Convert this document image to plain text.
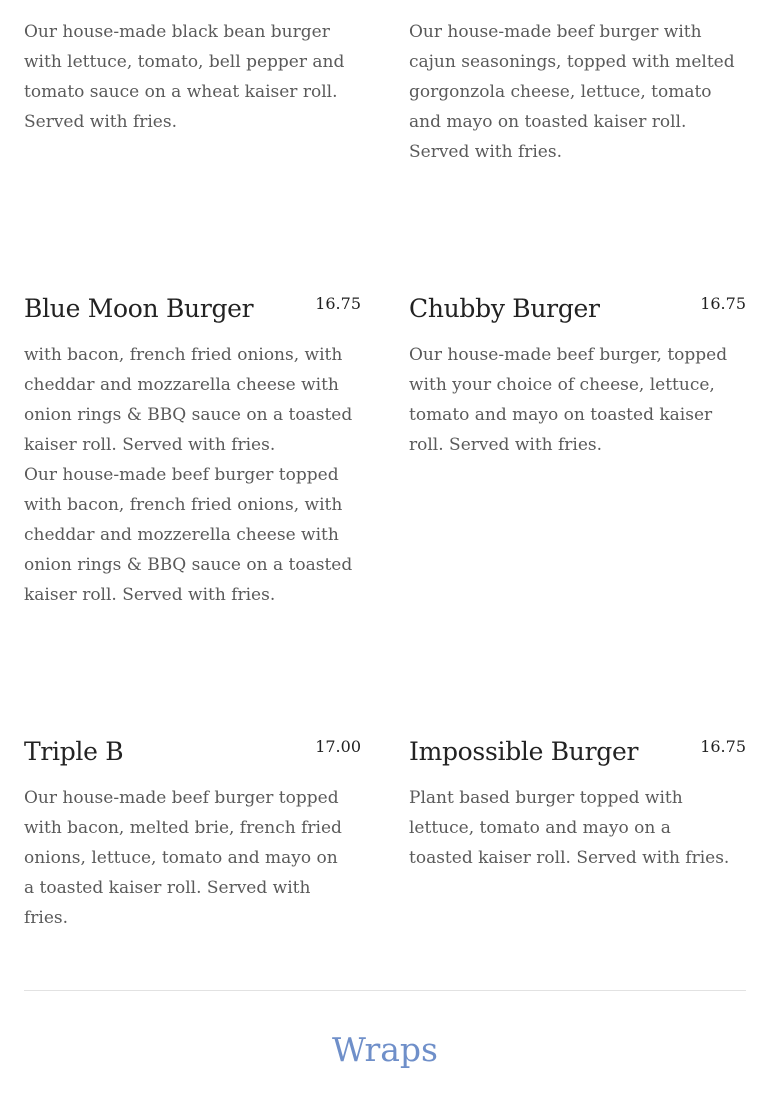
Our house-made black bean burger with lettuce, tomato, bell pepper and tomato sauce on a wheat kaiser roll. Served with fries.

Our house-made beef burger with cajun seasonings, topped with melted gorgonzola cheese, lettuce, tomato and mayo on toasted kaiser roll. Served with fries.

Blue Moon Burger	16.75

with bacon, french fried onions, with cheddar and mozzarella cheese with onion rings & BBQ sauce on a toasted kaiser roll. Served with fries.

Our house-made beef burger topped with bacon, french fried onions, with cheddar and mozzerella cheese with onion rings & BBQ sauce on a toasted kaiser roll. Served with fries.

Chubby Burger	16.75

Our house-made beef burger, topped with your choice of cheese, lettuce, tomato and mayo on toasted kaiser roll. Served with fries.

Triple B	17.00

Our house-made beef burger topped with bacon, melted brie, french fried onions, lettuce, tomato and mayo on a toasted kaiser roll. Served with fries.

Impossible Burger	16.75

Plant based burger topped with lettuce, tomato and mayo on a toasted kaiser roll. Served with fries.

Wraps
